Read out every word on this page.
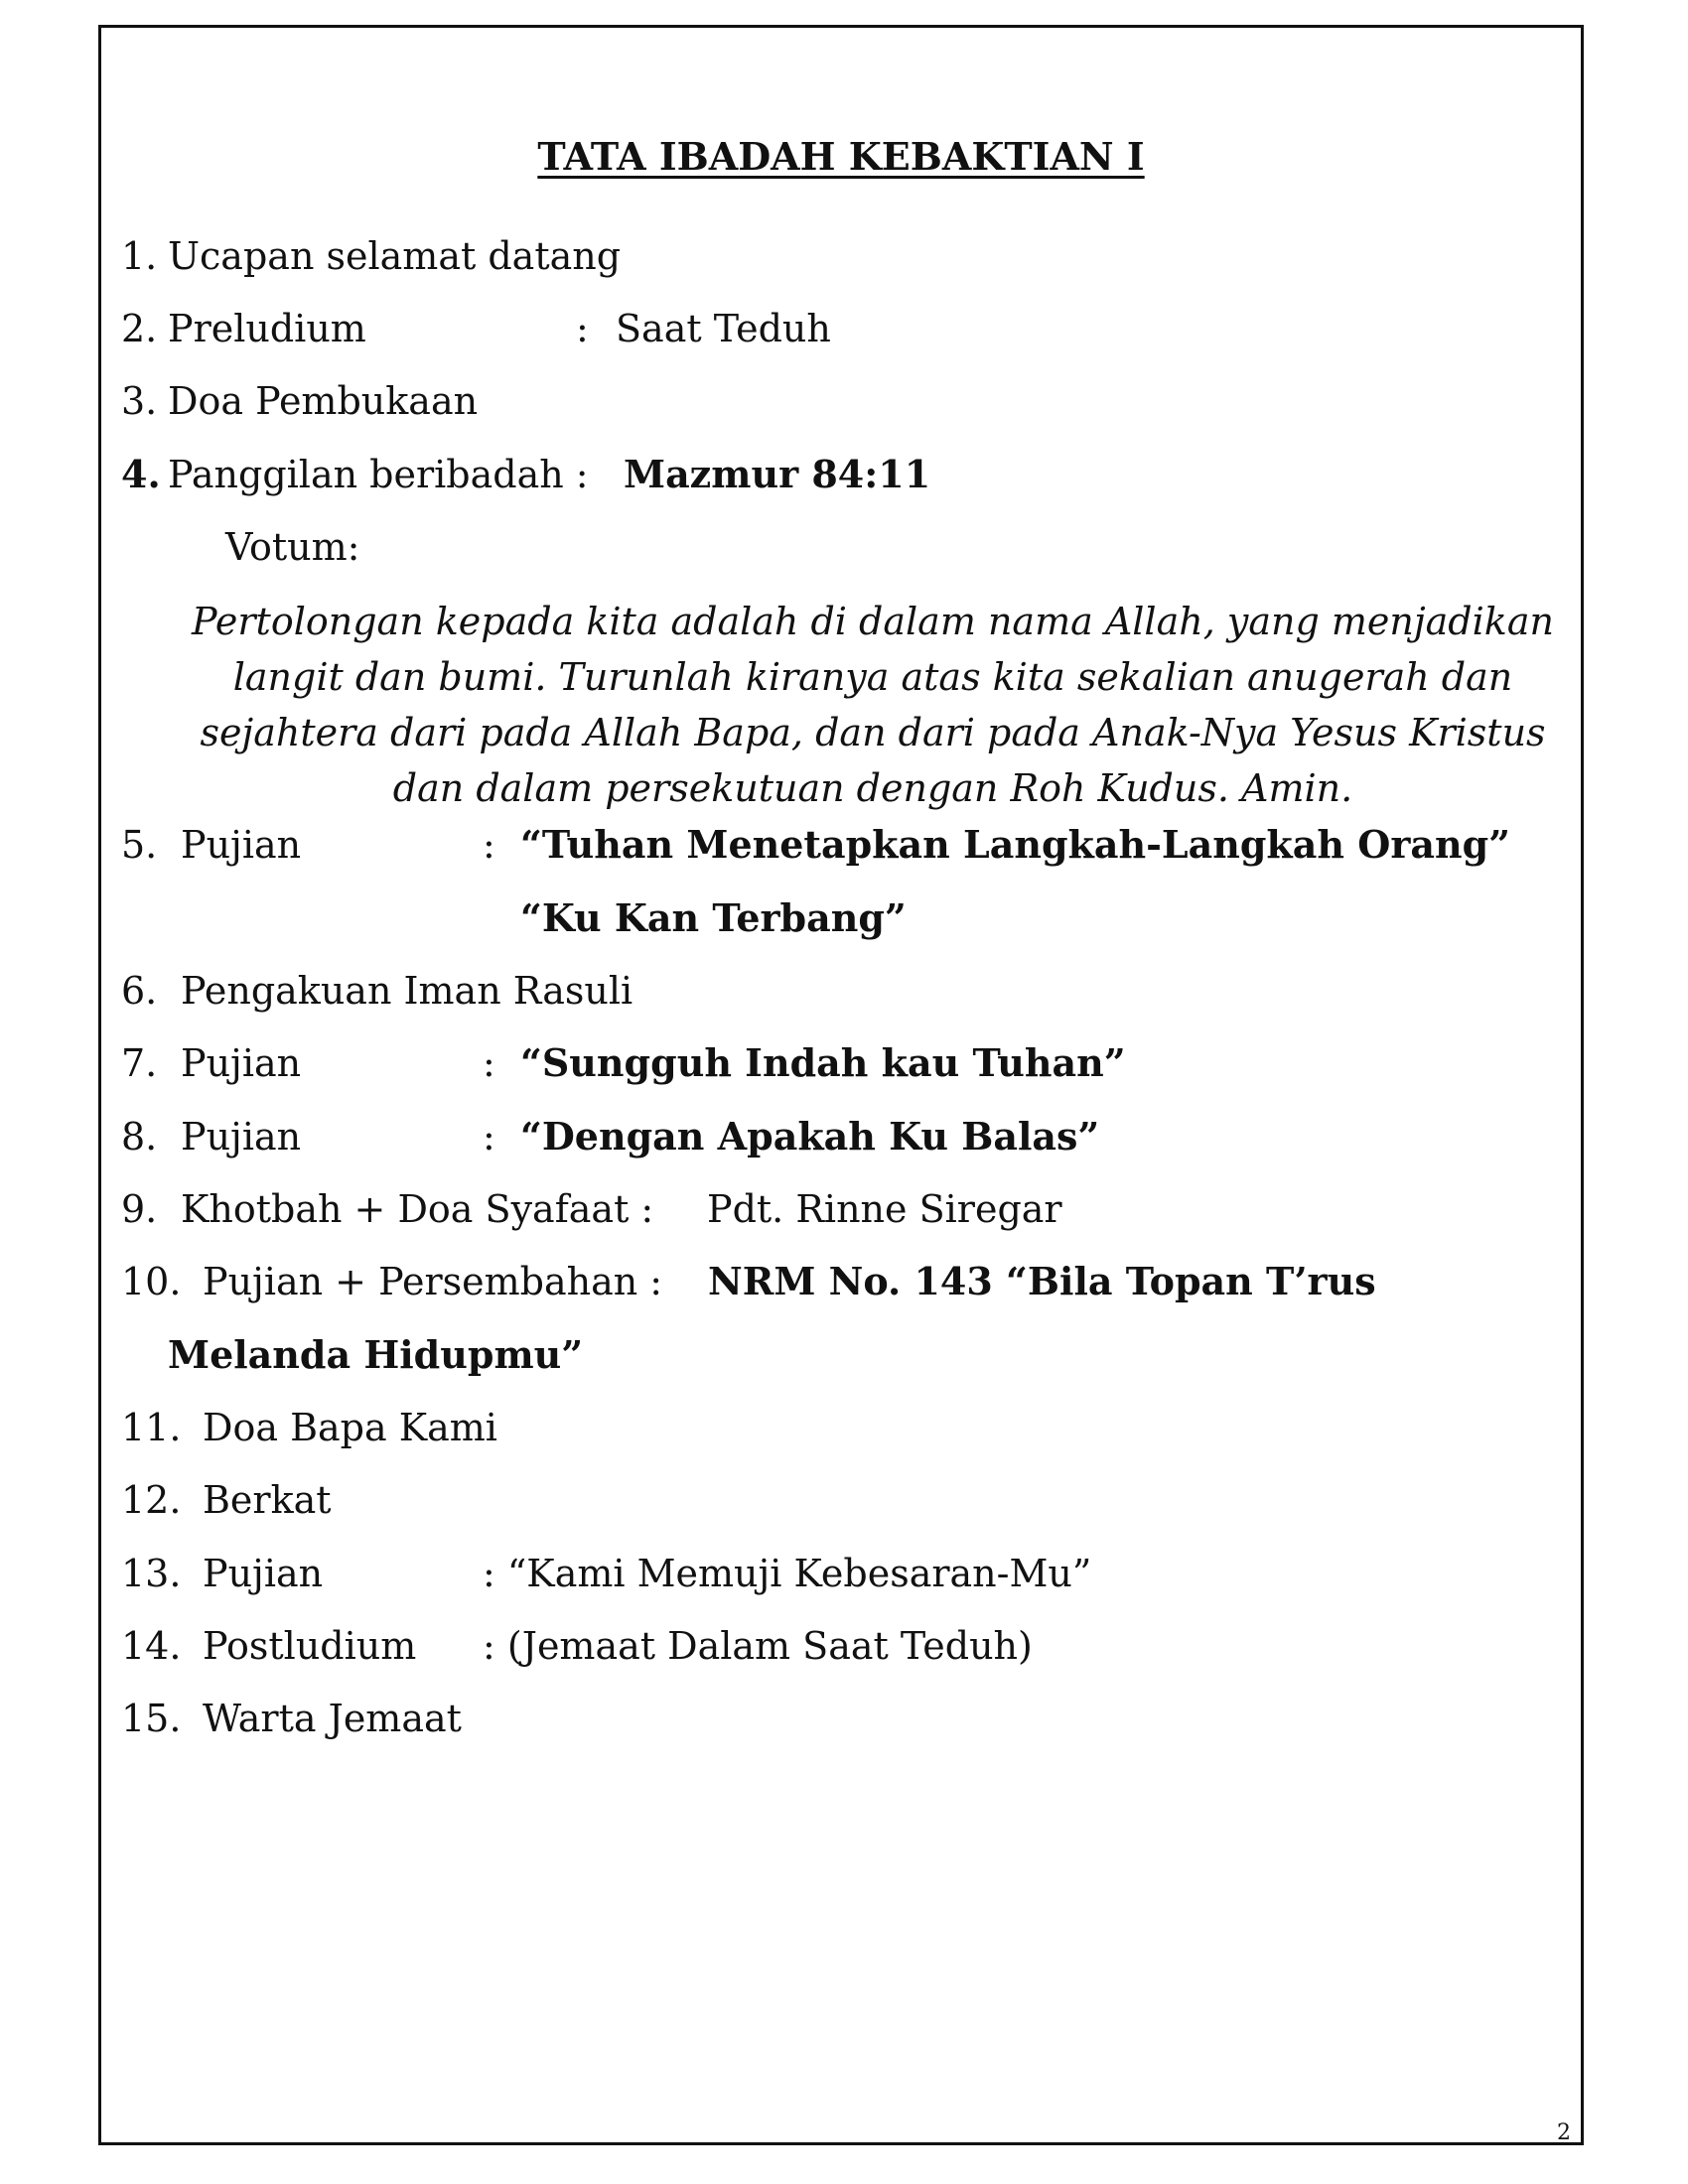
TATA IBADAH KEBAKTIAN I
1. Ucapan selamat datang
2. Preludium	: Saat Teduh
3. Doa Pembukaan
4. Panggilan beribadah : Mazmur 84:11
Votum:
Pertolongan kepada kita adalah di dalam nama Allah, yang menjadikan langit dan bumi. Turunlah kiranya atas kita sekalian anugerah dan sejahtera dari pada Allah Bapa, dan dari pada Anak-Nya Yesus Kristus dan dalam persekutuan dengan Roh Kudus. Amin.
5. Pujian	: “Tuhan Menetapkan Langkah-Langkah Orang”
“Ku Kan Terbang”
6. Pengakuan Iman Rasuli
7. Pujian	: “Sungguh Indah kau Tuhan”
8. Pujian	: “Dengan Apakah Ku Balas”
9. Khotbah + Doa Syafaat : Pdt. Rinne Siregar
10. Pujian + Persembahan : NRM No. 143 “Bila Topan T’rus
Melanda Hidupmu”
11. Doa Bapa Kami
12. Berkat
13. Pujian	: “Kami Memuji Kebesaran-Mu”
14. Postludium : (Jemaat Dalam Saat Teduh)
15. Warta Jemaat
2
